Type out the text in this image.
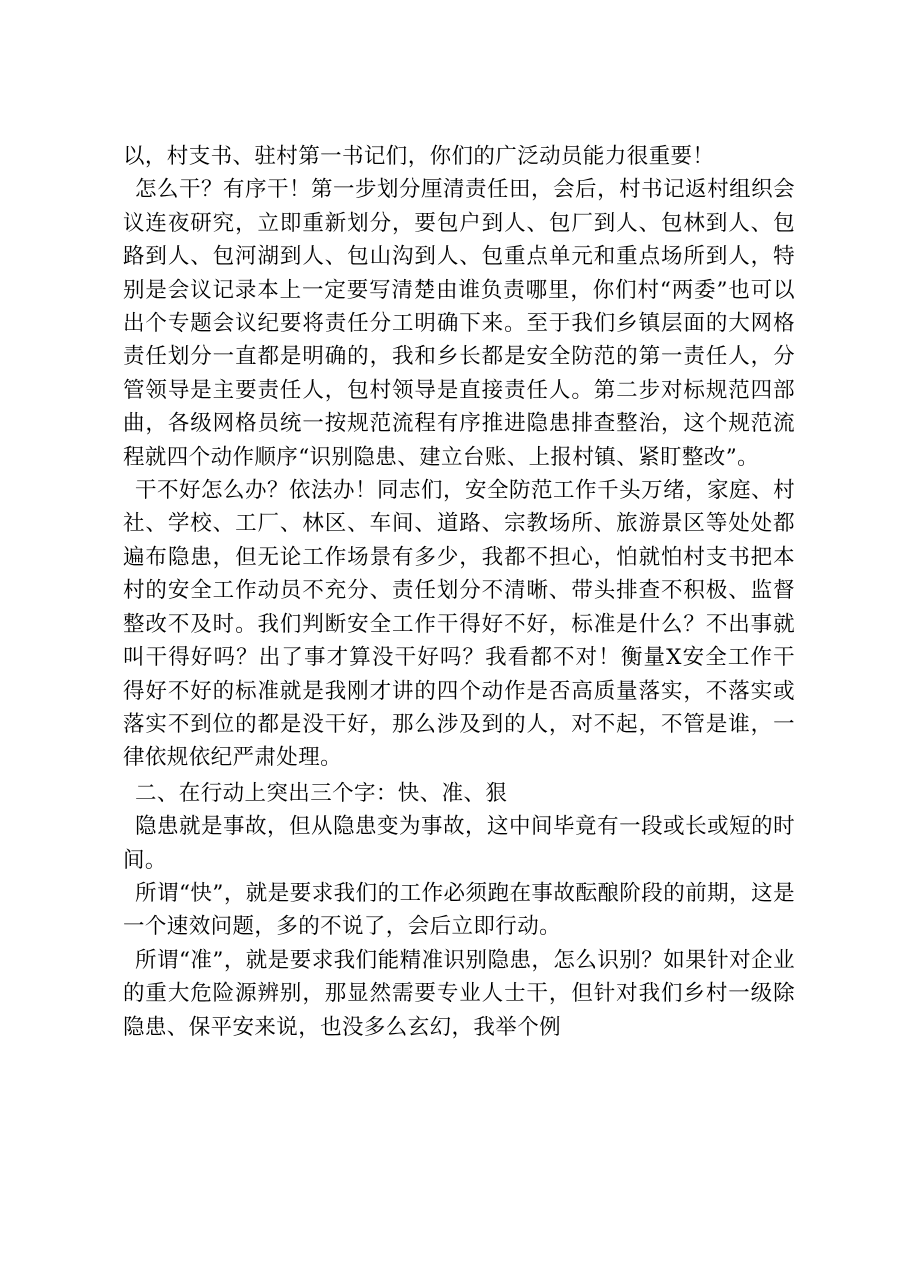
以，村支书、驻村第一书记们，你们的广泛动员能力很重要！

怎么干？有序干！第一步划分厘清责任田，会后，村书记返村组织会议连夜研究，立即重新划分，要包户到人、包厂到人、包林到人、包路到人、包河湖到人、包山沟到人、包重点单元和重点场所到人，特别是会议记录本上一定要写清楚由谁负责哪里，你们村“两委”也可以出个专题会议纪要将责任分工明确下来。至于我们乡镇层面的大网格责任划分一直都是明确的，我和乡长都是安全防范的第一责任人，分管领导是主要责任人，包村领导是直接责任人。第二步对标规范四部曲，各级网格员统一按规范流程有序推进隐患排查整治，这个规范流程就四个动作顺序“识别隐患、建立台账、上报村镇、紧盯整改”。

干不好怎么办？依法办！同志们，安全防范工作千头万绪，家庭、村社、学校、工厂、林区、车间、道路、宗教场所、旅游景区等处处都遍布隐患，但无论工作场景有多少，我都不担心，怕就怕村支书把本村的安全工作动员不充分、责任划分不清晰、带头排查不积极、监督整改不及时。我们判断安全工作干得好不好，标准是什么？不出事就叫干得好吗？出了事才算没干好吗？我看都不对！衡量X安全工作干得好不好的标准就是我刚才讲的四个动作是否高质量落实，不落实或落实不到位的都是没干好，那么涉及到的人，对不起，不管是谁，一律依规依纪严肃处理。

二、在行动上突出三个字：快、准、狠

隐患就是事故，但从隐患变为事故，这中间毕竟有一段或长或短的时间。

所谓“快”，就是要求我们的工作必须跑在事故酝酿阶段的前期，这是一个速效问题，多的不说了，会后立即行动。

所谓“准”，就是要求我们能精准识别隐患，怎么识别？如果针对企业的重大危险源辨别，那显然需要专业人士干，但针对我们乡村一级除隐患、保平安来说，也没多么玄幻，我举个例
